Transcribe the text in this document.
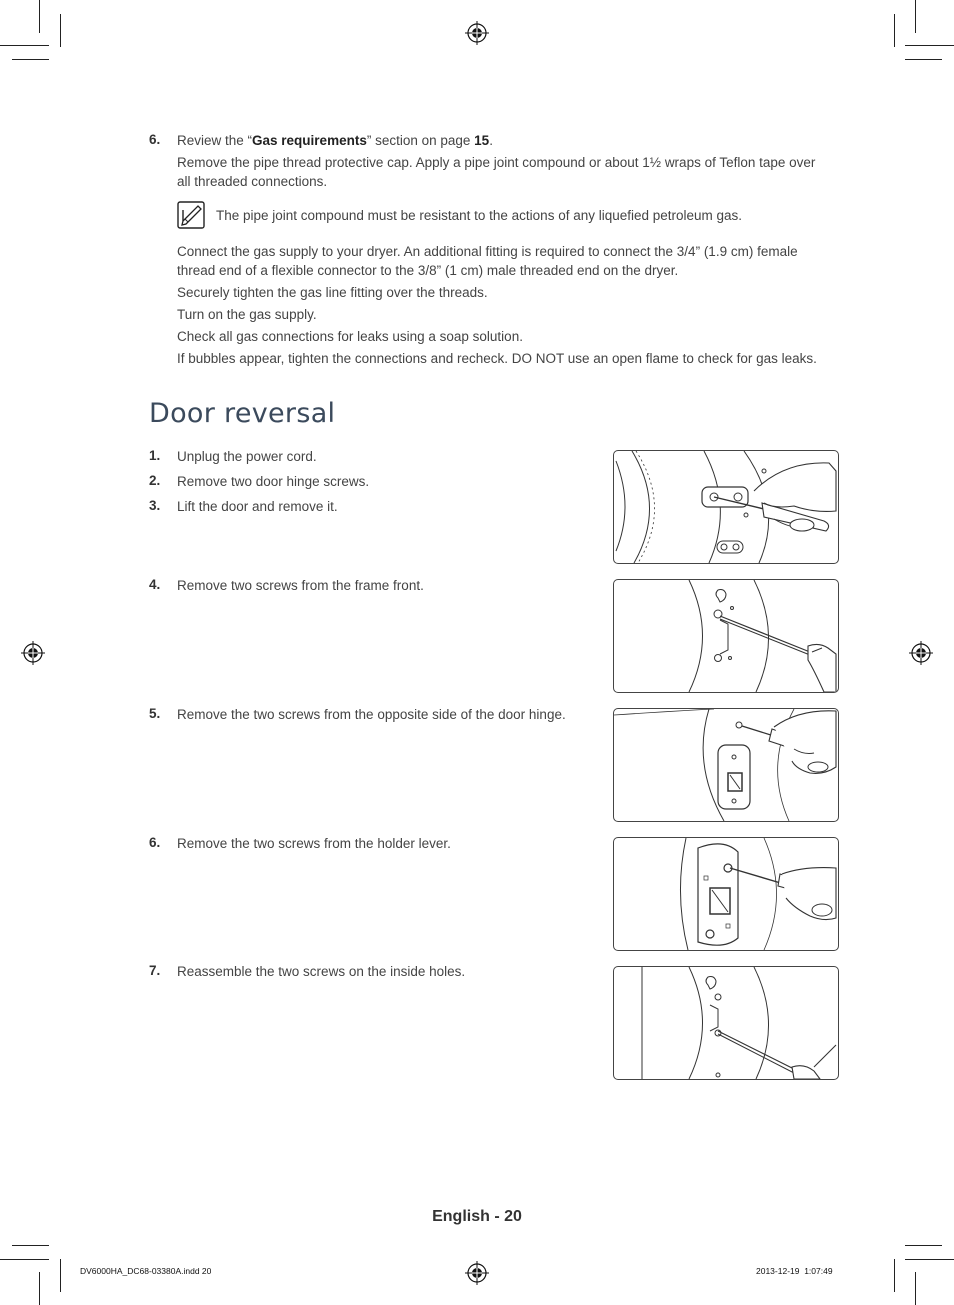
6. Review the “Gas requirements” section on page 15.
Remove the pipe thread protective cap. Apply a pipe joint compound or about 1½ wraps of Teflon tape over
all threaded connections.
The pipe joint compound must be resistant to the actions of any liquefied petroleum gas.
Connect the gas supply to your dryer. An additional fitting is required to connect the 3/4” (1.9 cm) female
thread end of a flexible connector to the 3/8” (1 cm) male threaded end on the dryer.
Securely tighten the gas line fitting over the threads.
Turn on the gas supply.
Check all gas connections for leaks using a soap solution.
If bubbles appear, tighten the connections and recheck. DO NOT use an open flame to check for gas leaks.
Door reversal
1. Unplug the power cord.
2. Remove two door hinge screws.
3. Lift the door and remove it.
4. Remove two screws from the frame front.
5. Remove the two screws from the opposite side of the door hinge.
6. Remove the two screws from the holder lever.
7. Reassemble the two screws on the inside holes.
English - 20
DV6000HA_DC68-03380A.indd 20	2013-12-19 ‌‌ 1:07:49
